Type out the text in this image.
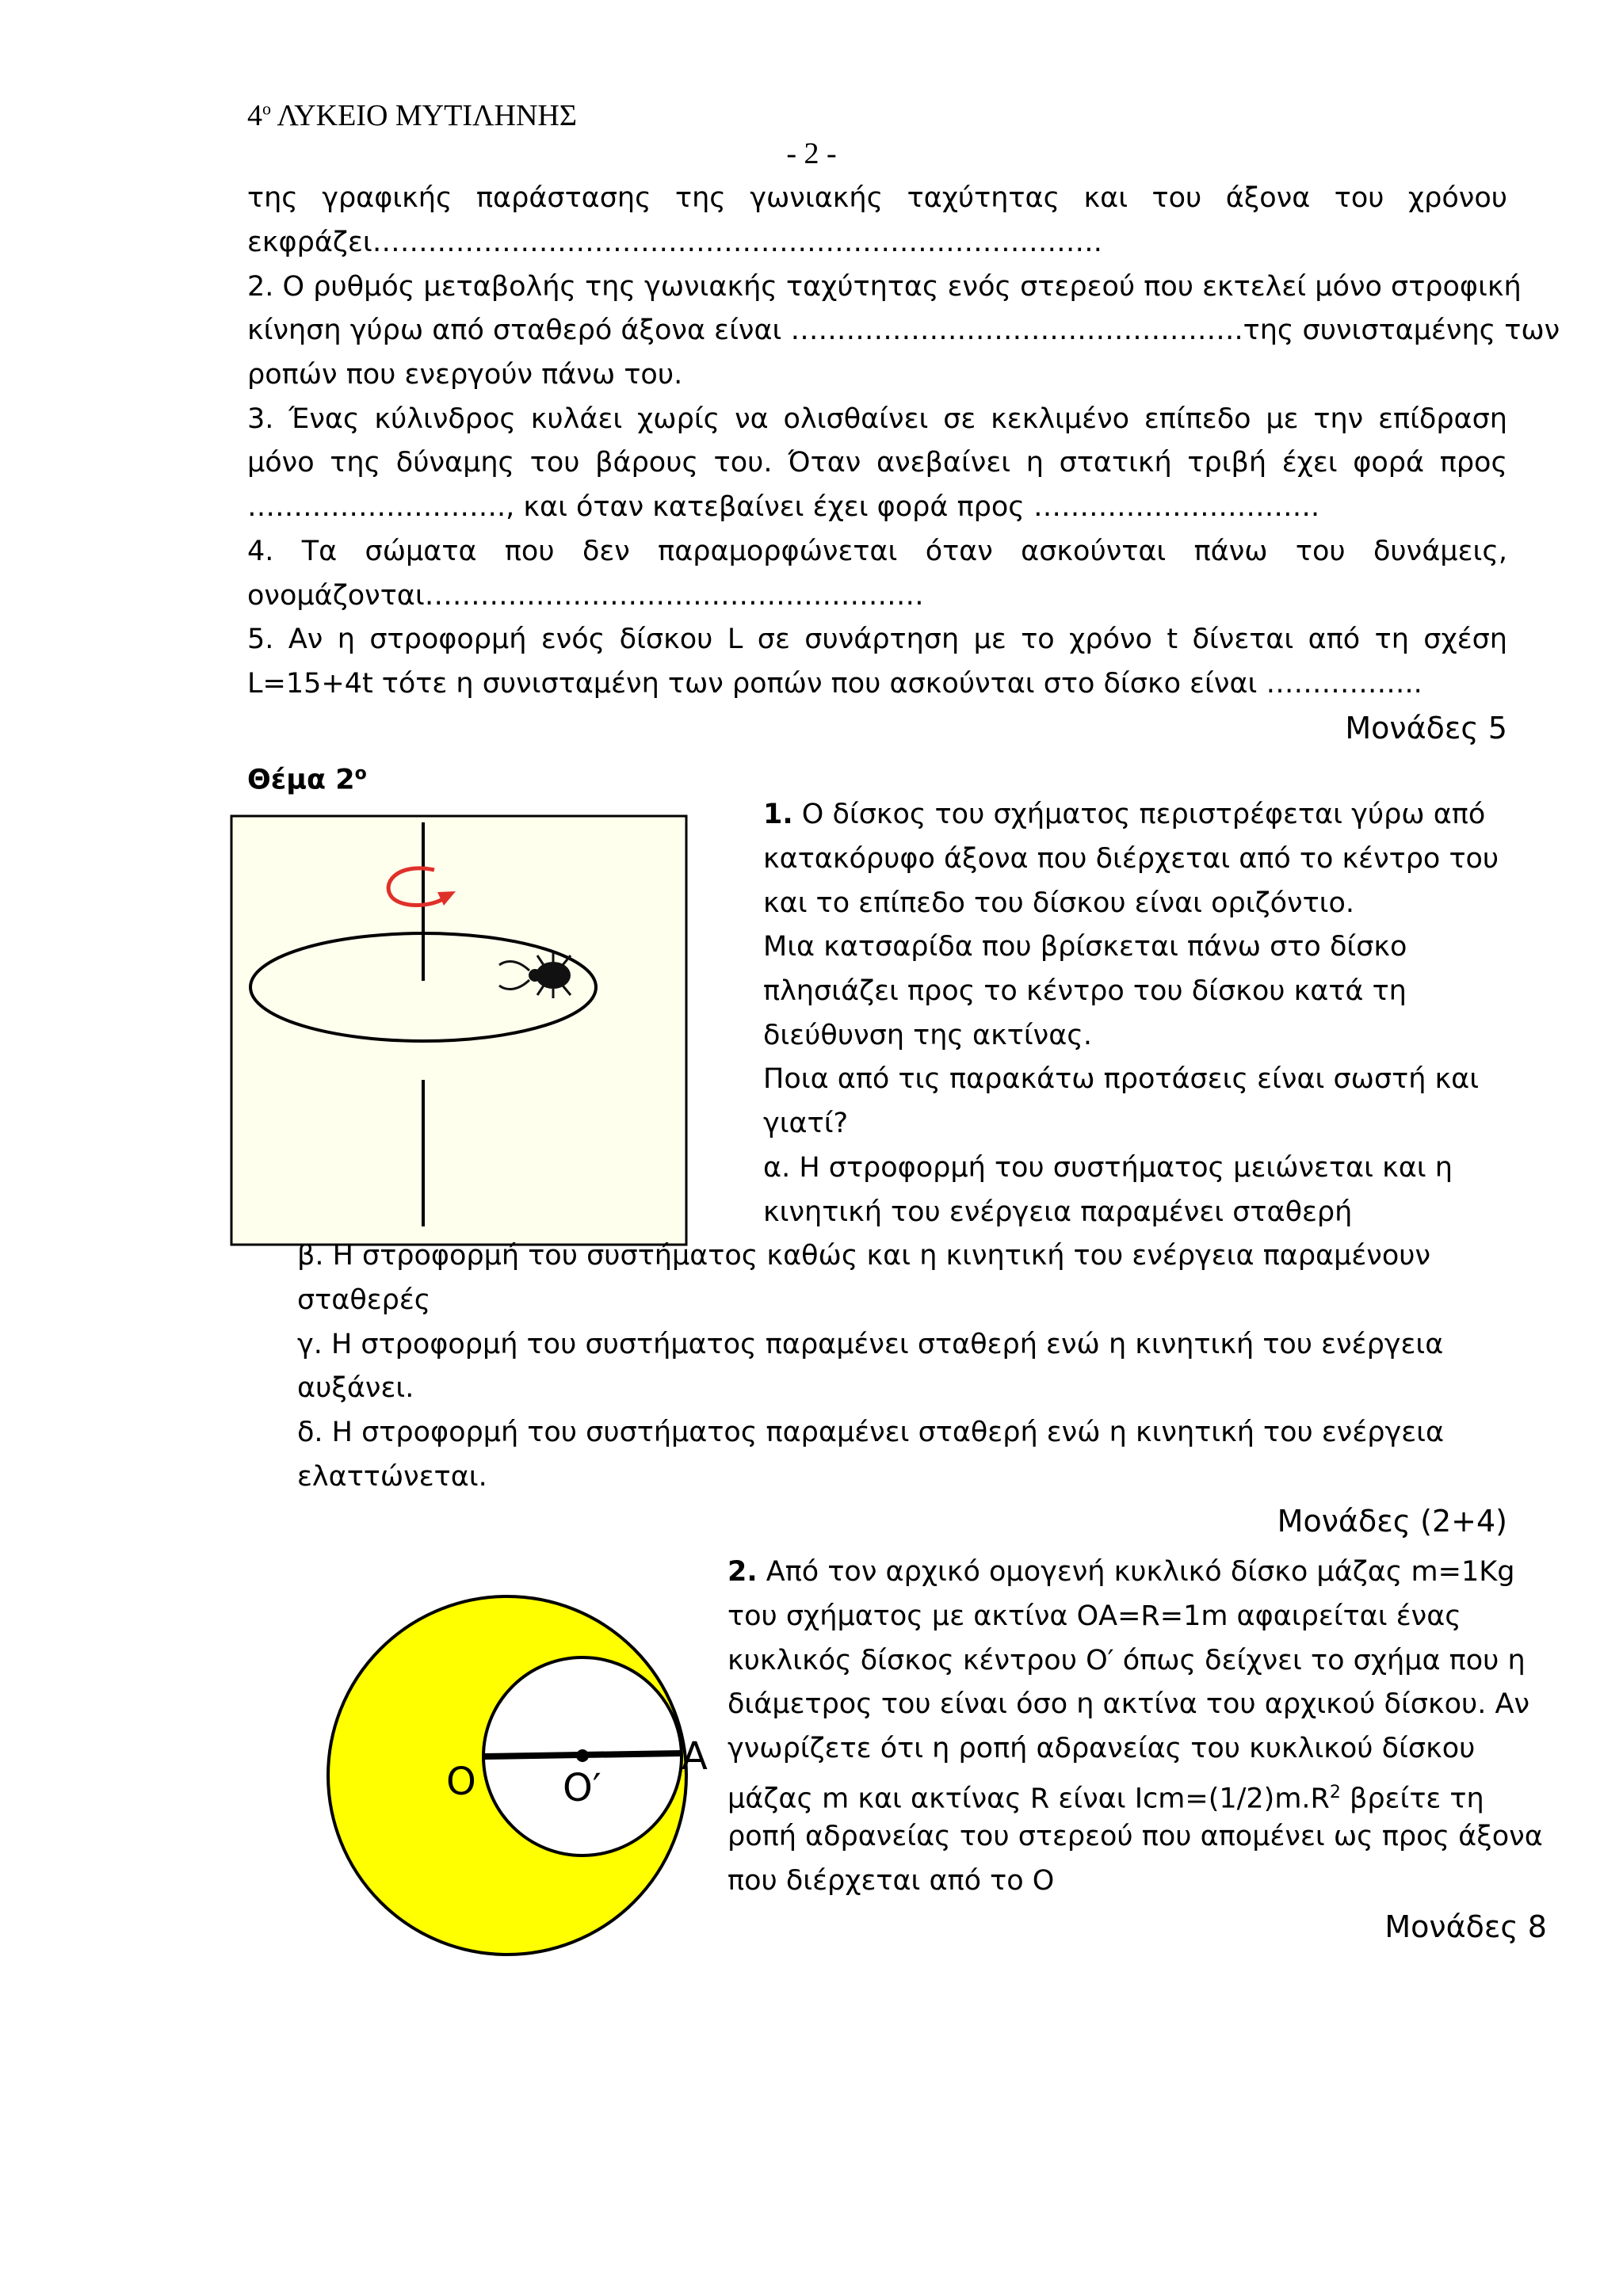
$4^o$ ΛΥΚΕΙΟ ΜΥΤΙΛΗΝΗΣ
- 2 -
της γραφικής παράστασης της γωνιακής ταχύτητας και του άξονα του χρόνου
εκφράζει…………………………………………………………………….
2. Ο ρυθμός μεταβολής της γωνιακής ταχύτητας ενός στερεού που εκτελεί μόνο στροφική
κίνηση γύρω από σταθερό άξονα είναι ………………………………………….της συνισταμένης των
ροπών που ενεργούν πάνω του.
3. Ένας κύλινδρος κυλάει χωρίς να ολισθαίνει σε κεκλιμένο επίπεδο με την επίδραση
μόνο της δύναμης του βάρους του. Όταν ανεβαίνει η στατική τριβή έχει φορά προς
………………………., και όταν κατεβαίνει έχει φορά προς ………………………….
4. Τα σώματα που δεν παραμορφώνεται όταν ασκούνται πάνω του δυνάμεις,
ονομάζονται………………………………………………
5. Αν η στροφορμή ενός δίσκου L σε συνάρτηση με το χρόνο t δίνεται από τη σχέση
L=15+4t τότε η συνισταμένη των ροπών που ασκούνται στο δίσκο είναι ……………..
Μονάδες 5
Θέμα $2^o$
1. Ο δίσκος του σχήματος περιστρέφεται γύρω από
κατακόρυφο άξονα που διέρχεται από το κέντρο του
και το επίπεδο του δίσκου είναι οριζόντιο.
Μια κατσαρίδα που βρίσκεται πάνω στο δίσκο
πλησιάζει προς το κέντρο του δίσκου κατά τη
διεύθυνση της ακτίνας.
Ποια από τις παρακάτω προτάσεις είναι σωστή και
γιατί?
α. Η στροφορμή του συστήματος μειώνεται και η
κινητική του ενέργεια παραμένει σταθερή
β. Η στροφορμή του συστήματος καθώς και η κινητική του ενέργεια παραμένουν
σταθερές
γ. Η στροφορμή του συστήματος παραμένει σταθερή ενώ η κινητική του ενέργεια
αυξάνει.
δ. Η στροφορμή του συστήματος παραμένει σταθερή ενώ η κινητική του ενέργεια
ελαττώνεται.
Μονάδες (2+4)
O O′
A
2. Από τον αρχικό ομογενή κυκλικό δίσκο μάζας m=1Kg
του σχήματος με ακτίνα ΟΑ=R=1m αφαιρείται ένας
κυκλικός δίσκος κέντρου Ο′ όπως δείχνει το σχήμα που η
διάμετρος του είναι όσο η ακτίνα του αρχικού δίσκου. Αν
γνωρίζετε ότι η ροπή αδρανείας του κυκλικού δίσκου
μάζας m και ακτίνας R είναι $Icm=(1/2)m.R^2$ βρείτε τη
ροπή αδρανείας του στερεού που απομένει ως προς άξονα
που διέρχεται από το Ο
Μονάδες 8
